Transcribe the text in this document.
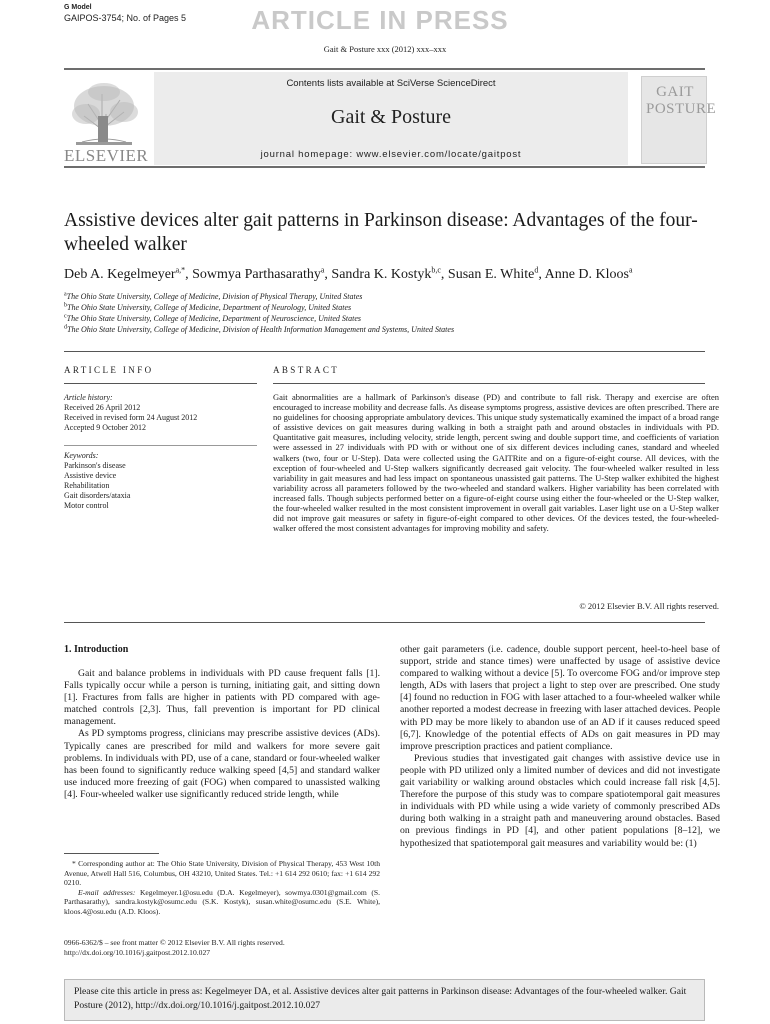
G Model
GAIPOS-3754; No. of Pages 5	ARTICLE IN PRESS
Gait & Posture xxx (2012) xxx–xxx
ELSEVIER
Contents lists available at SciVerse ScienceDirect
Gait & Posture
journal homepage: www.elsevier.com/locate/gaitpost
GAIT
POSTURE
Assistive devices alter gait patterns in Parkinson disease: Advantages of the four-wheeled walker
Deb A. Kegelmeyer$^{a,*}$, Sowmya Parthasarathy$^a$, Sandra K. Kostyk$^{b,c}$, Susan E. White$^d$, Anne D. Kloos$^a$
$^a$The Ohio State University, College of Medicine, Division of Physical Therapy, United States
$^b$The Ohio State University, College of Medicine, Department of Neurology, United States
$^c$The Ohio State University, College of Medicine, Department of Neuroscience, United States
$^d$The Ohio State University, College of Medicine, Division of Health Information Management and Systems, United States
ARTICLE INFO	ABSTRACT
Article history:
Received 26 April 2012
Received in revised form 24 August 2012
Accepted 9 October 2012
Keywords:
Parkinson's disease
Assistive device
Rehabilitation
Gait disorders/ataxia
Motor control
Gait abnormalities are a hallmark of Parkinson's disease (PD) and contribute to fall risk. Therapy and exercise are often encouraged to increase mobility and decrease falls. As disease symptoms progress, assistive devices are often prescribed. There are no guidelines for choosing appropriate ambulatory devices. This unique study systematically examined the impact of a broad range of assistive devices on gait measures during walking in both a straight path and around obstacles in individuals with PD. Quantitative gait measures, including velocity, stride length, percent swing and double support time, and coefficients of variation were assessed in 27 individuals with PD with or without one of six different devices including canes, standard and wheeled walkers (two, four or U-Step). Data were collected using the GAITRite and on a figure-of-eight course. All devices, with the exception of four-wheeled and U-Step walkers significantly decreased gait velocity. The four-wheeled walker resulted in less variability in gait measures and had less impact on spontaneous unassisted gait patterns. The U-Step walker exhibited the highest variability across all parameters followed by the two-wheeled and standard walkers. Higher variability has been correlated with increased falls. Though subjects performed better on a figure-of-eight course using either the four-wheeled or the U-Step walker, the four-wheeled walker resulted in the most consistent improvement in overall gait variables. Laser light use on a U-Step walker did not improve gait measures or safety in figure-of-eight compared to other devices. Of the devices tested, the four-wheeled-walker offered the most consistent advantages for improving mobility and safety.
© 2012 Elsevier B.V. All rights reserved.
1. Introduction

Gait and balance problems in individuals with PD cause frequent falls [1]. Falls typically occur while a person is turning, initiating gait, and sitting down [1]. Fractures from falls are higher in patients with PD compared with age-matched controls [2,3]. Thus, fall prevention is important for PD clinical management.

As PD symptoms progress, clinicians may prescribe assistive devices (ADs). Typically canes are prescribed for mild and walkers for more severe gait problems. In individuals with PD, use of a cane, standard or four-wheeled walker has been found to significantly reduce walking speed [4,5] and standard walker use induced more freezing of gait (FOG) when compared to unassisted walking [4]. Four-wheeled walker use significantly reduced stride length, while

other gait parameters (i.e. cadence, double support percent, heel-to-heel base of support, stride and stance times) were unaffected by usage of assistive device compared to walking without a device [5]. To overcome FOG and/or improve step length, ADs with lasers that project a light to step over are prescribed. One study [4] found no reduction in FOG with laser attached to a four-wheeled walker while another reported a modest decrease in freezing with laser attached devices. People with PD may be more likely to abandon use of an AD if it causes reduced speed [6,7]. Knowledge of the potential effects of ADs on gait measures in PD may improve prescription practices and patient compliance.

Previous studies that investigated gait changes with assistive device use in people with PD utilized only a limited number of devices and did not investigate gait variability or walking around obstacles which could increase fall risk [4,5]. Therefore the purpose of this study was to compare spatiotemporal gait measures in individuals with PD while using a wide variety of commonly prescribed ADs during both walking in a straight path and maneuvering around obstacles. Based on previous findings in PD [4], and other patient populations [8–12], we hypothesized that spatiotemporal gait measures and variability would be: (1)

* Corresponding author at: The Ohio State University, Division of Physical Therapy, 453 West 10th Avenue, Atwell Hall 516, Columbus, OH 43210, United States. Tel.: +1 614 292 0610; fax: +1 614 292 0210.
E-mail addresses: Kegelmeyer.1@osu.edu (D.A. Kegelmeyer), sowmya.0301@gmail.com (S. Parthasarathy), sandra.kostyk@osumc.edu (S.K. Kostyk), susan.white@osumc.edu (S.E. White), kloos.4@osu.edu (A.D. Kloos).
0966-6362/$ – see front matter © 2012 Elsevier B.V. All rights reserved.
http://dx.doi.org/10.1016/j.gaitpost.2012.10.027
Please cite this article in press as: Kegelmeyer DA, et al. Assistive devices alter gait patterns in Parkinson disease: Advantages of the four-wheeled walker. Gait Posture (2012), http://dx.doi.org/10.1016/j.gaitpost.2012.10.027
